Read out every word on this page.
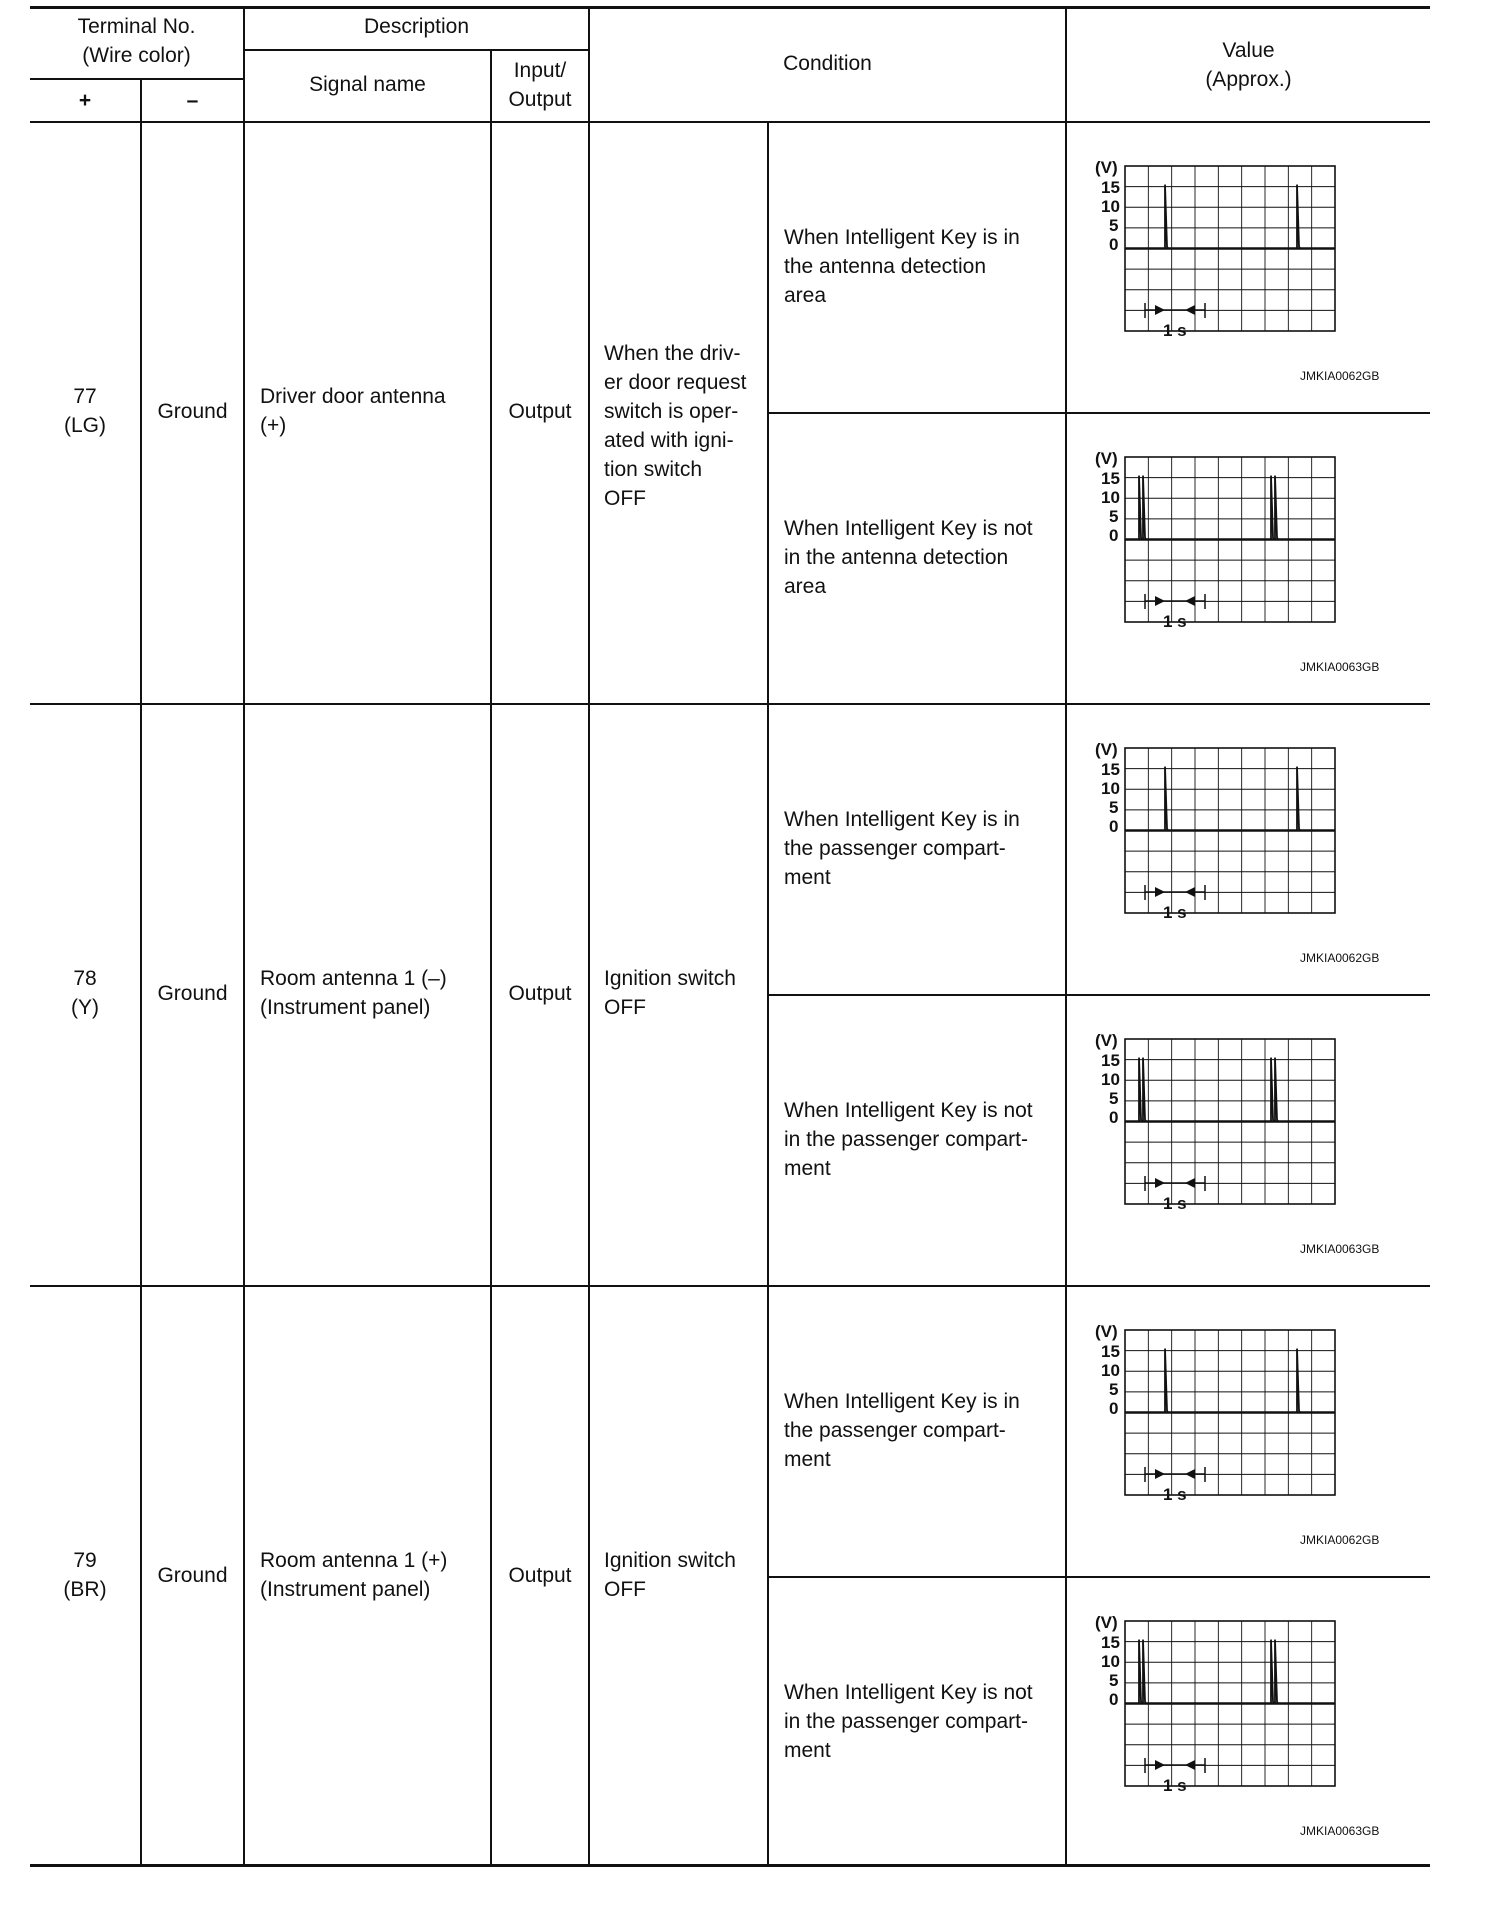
Terminal No.
(Wire color)
+	–
Description
Signal name
Input/
Output
Condition
Value
(Approx.)
77
(LG)
Ground
Driver door antenna
(+)
Output
When the driv-
er door request
switch is oper-
ated with igni-
tion switch
OFF
When Intelligent Key is in
the antenna detection
area
When Intelligent Key is not
in the antenna detection
area
78
(Y)
Ground
Room antenna 1 (–)
(Instrument panel)
Output
Ignition switch
OFF
When Intelligent Key is in
the passenger compart-
ment
When Intelligent Key is not
in the passenger compart-
ment
79
(BR)
Ground
Room antenna 1 (+)
(Instrument panel)
Output
Ignition switch
OFF
When Intelligent Key is in
the passenger compart-
ment
When Intelligent Key is not
in the passenger compart-
ment
(V)
15
10
5
0
1 s
JMKIA0062GB
(V)
15
10
5
0
1 s
JMKIA0063GB
(V)
15
10
5
0
1 s
JMKIA0062GB
(V)
15
10
5
0
1 s
JMKIA0063GB
(V)
15
10
5
0
1 s
JMKIA0062GB
(V)
15
10
5
0
1 s
JMKIA0063GB
